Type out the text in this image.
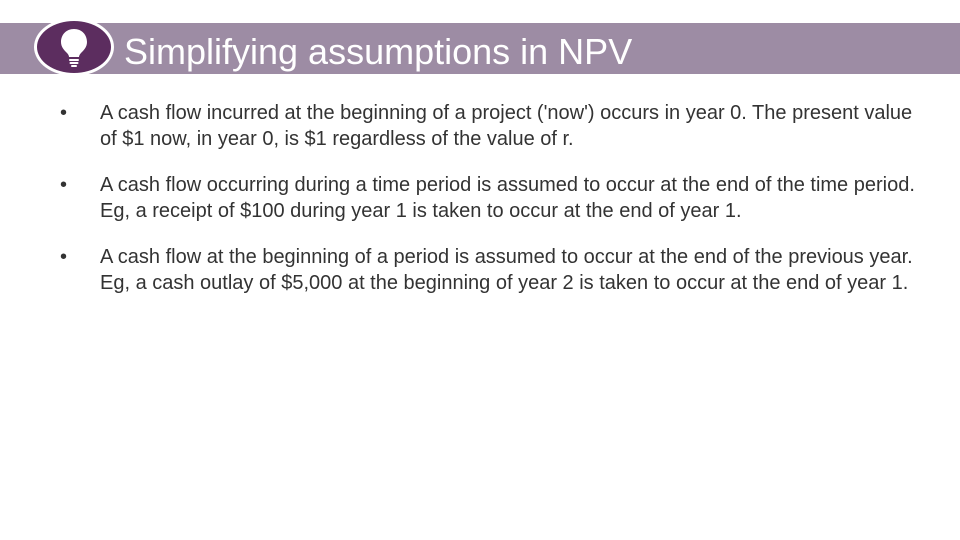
Simplifying assumptions in NPV
• A cash flow incurred at the beginning of a project ('now') occurs in year 0. The present value of $1 now, in year 0, is $1 regardless of the value of r.
• A cash flow occurring during a time period is assumed to occur at the end of the time period. Eg, a receipt of $100 during year 1 is taken to occur at the end of year 1.
• A cash flow at the beginning of a period is assumed to occur at the end of the previous year. Eg, a cash outlay of $5,000 at the beginning of year 2 is taken to occur at the end of year 1.
